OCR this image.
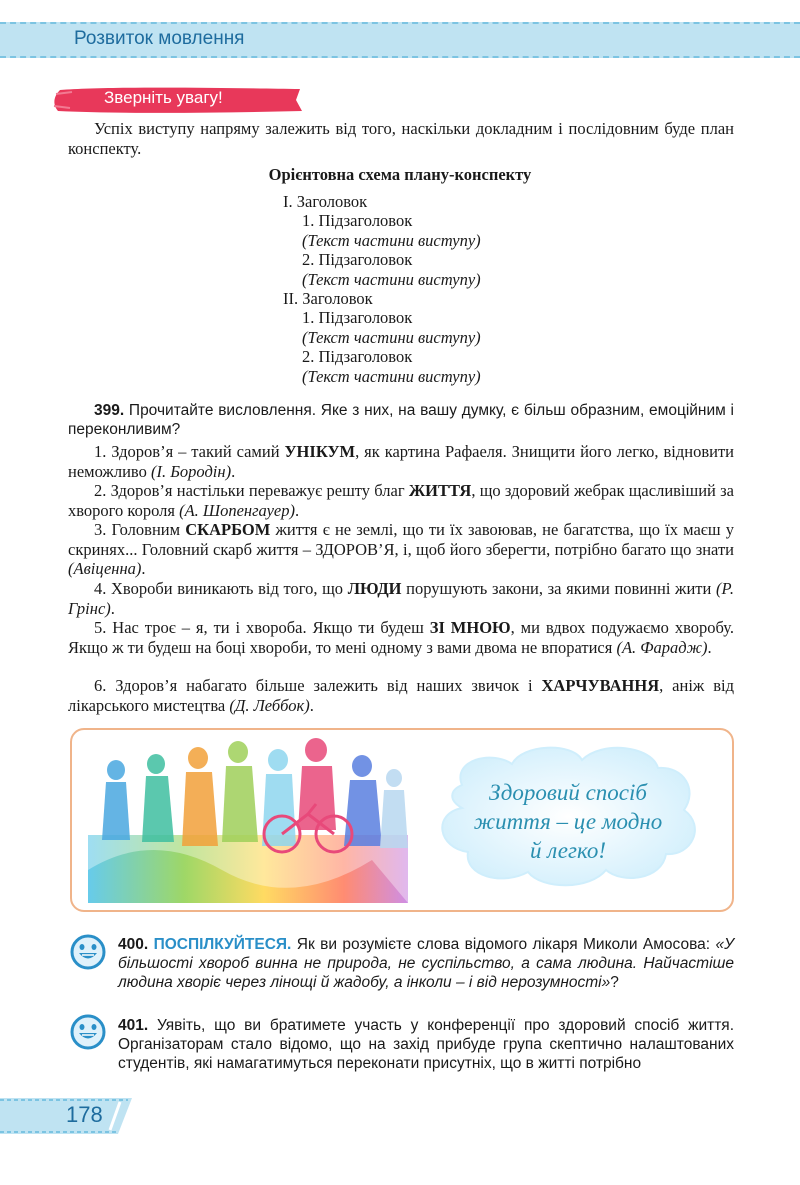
Розвиток мовлення
Зверніть увагу!

Успіх виступу напряму залежить від того, наскільки докладним і послідовним буде план конспекту.

Орієнтовна схема плану-конспекту
I. Заголовок
1. Підзаголовок
(Текст частини виступу)
2. Підзаголовок
(Текст частини виступу)
II. Заголовок
1. Підзаголовок
(Текст частини виступу)
2. Підзаголовок
(Текст частини виступу)

399. Прочитайте висловлення. Яке з них, на вашу думку, є більш образним, емоційним і переконливим?

1. Здоров’я – такий самий УНІКУМ, як картина Рафаеля. Знищити його легко, відновити неможливо (І. Бородін).

2. Здоров’я настільки переважує решту благ ЖИТТЯ, що здоровий жебрак щасливіший за хворого короля (А. Шопенгауер).

3. Головним СКАРБОМ життя є не землі, що ти їх завоював, не багатства, що їх маєш у скринях... Головний скарб життя – ЗДОРОВ’Я, і, щоб його зберегти, потрібно багато що знати (Авіценна).

4. Хвороби виникають від того, що ЛЮДИ порушують закони, за якими повинні жити (Р. Грінс).

5. Нас троє – я, ти і хвороба. Якщо ти будеш ЗІ МНОЮ, ми вдвох подужаємо хворобу. Якщо ж ти будеш на боці хвороби, то мені одному з вами двома не впоратися (А. Фарадж).

6. Здоров’я набагато більше залежить від наших звичок і ХАРЧУВАННЯ, аніж від лікарського мистецтва (Д. Леббок).

Здоровий спосіб
життя – це модно
й легко!

400. ПОСПІЛКУЙТЕСЯ. Як ви розумієте слова відомого лікаря Миколи Амосова: «У більшості хвороб винна не природа, не суспільство, а сама людина. Найчастіше людина хворіє через лінощі й жадобу, а інколи – і від нерозумності»?

401. Уявіть, що ви братимете участь у конференції про здоровий спосіб життя. Організаторам стало відомо, що на захід прибуде група скептично налаштованих студентів, які намагатимуться переконати присутніх, що в житті потрібно

178
